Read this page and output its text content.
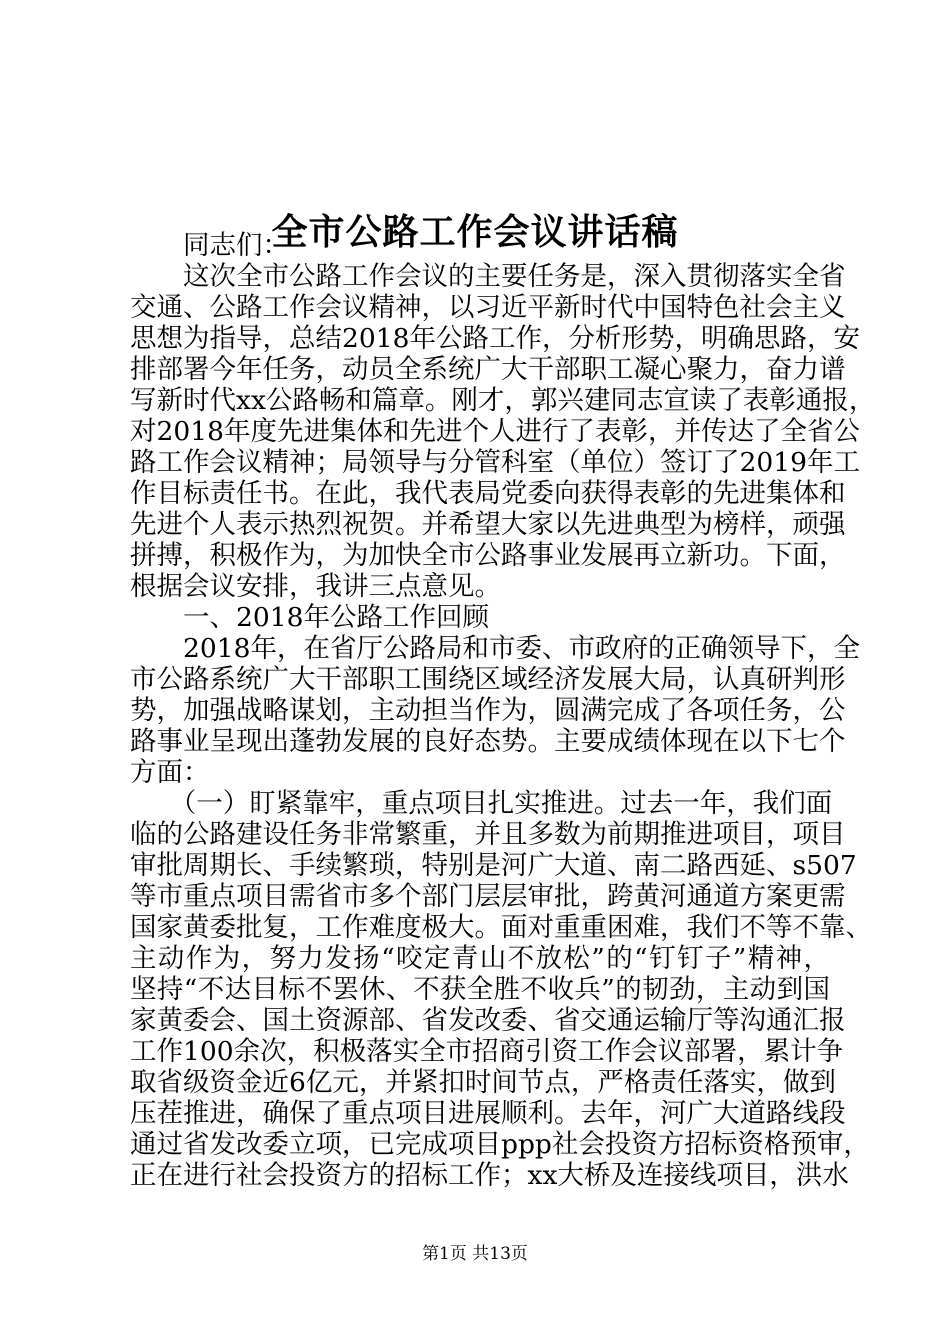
全市公路工作会议讲话稿
　　同志们：
　　这次全市公路工作会议的主要任务是，深入贯彻落实全省
交通、公路工作会议精神，以习近平新时代中国特色社会主义
思想为指导，总结2018年公路工作，分析形势，明确思路，安
排部署今年任务，动员全系统广大干部职工凝心聚力，奋力谱
写新时代xx公路畅和篇章。刚才，郭兴建同志宣读了表彰通报，
对2018年度先进集体和先进个人进行了表彰，并传达了全省公
路工作会议精神；局领导与分管科室（单位）签订了2019年工
作目标责任书。在此，我代表局党委向获得表彰的先进集体和
先进个人表示热烈祝贺。并希望大家以先进典型为榜样，顽强
拼搏，积极作为，为加快全市公路事业发展再立新功。下面，
根据会议安排，我讲三点意见。
　　一、2018年公路工作回顾
　　2018年，在省厅公路局和市委、市政府的正确领导下，全
市公路系统广大干部职工围绕区域经济发展大局，认真研判形
势，加强战略谋划，主动担当作为，圆满完成了各项任务，公
路事业呈现出蓬勃发展的良好态势。主要成绩体现在以下七个
方面：
　　（一）盯紧靠牢，重点项目扎实推进。过去一年，我们面
临的公路建设任务非常繁重，并且多数为前期推进项目，项目
审批周期长、手续繁琐，特别是河广大道、南二路西延、s507
等市重点项目需省市多个部门层层审批，跨黄河通道方案更需
国家黄委批复，工作难度极大。面对重重困难，我们不等不靠、
主动作为，努力发扬“咬定青山不放松”的“钉钉子”精神，
坚持“不达目标不罢休、不获全胜不收兵”的韧劲，主动到国
家黄委会、国土资源部、省发改委、省交通运输厅等沟通汇报
工作100余次，积极落实全市招商引资工作会议部署，累计争
取省级资金近6亿元，并紧扣时间节点，严格责任落实，做到
压茬推进，确保了重点项目进展顺利。去年，河广大道路线段
通过省发改委立项，已完成项目ppp社会投资方招标资格预审，
正在进行社会投资方的招标工作；xx大桥及连接线项目，洪水
第1页 共13页
